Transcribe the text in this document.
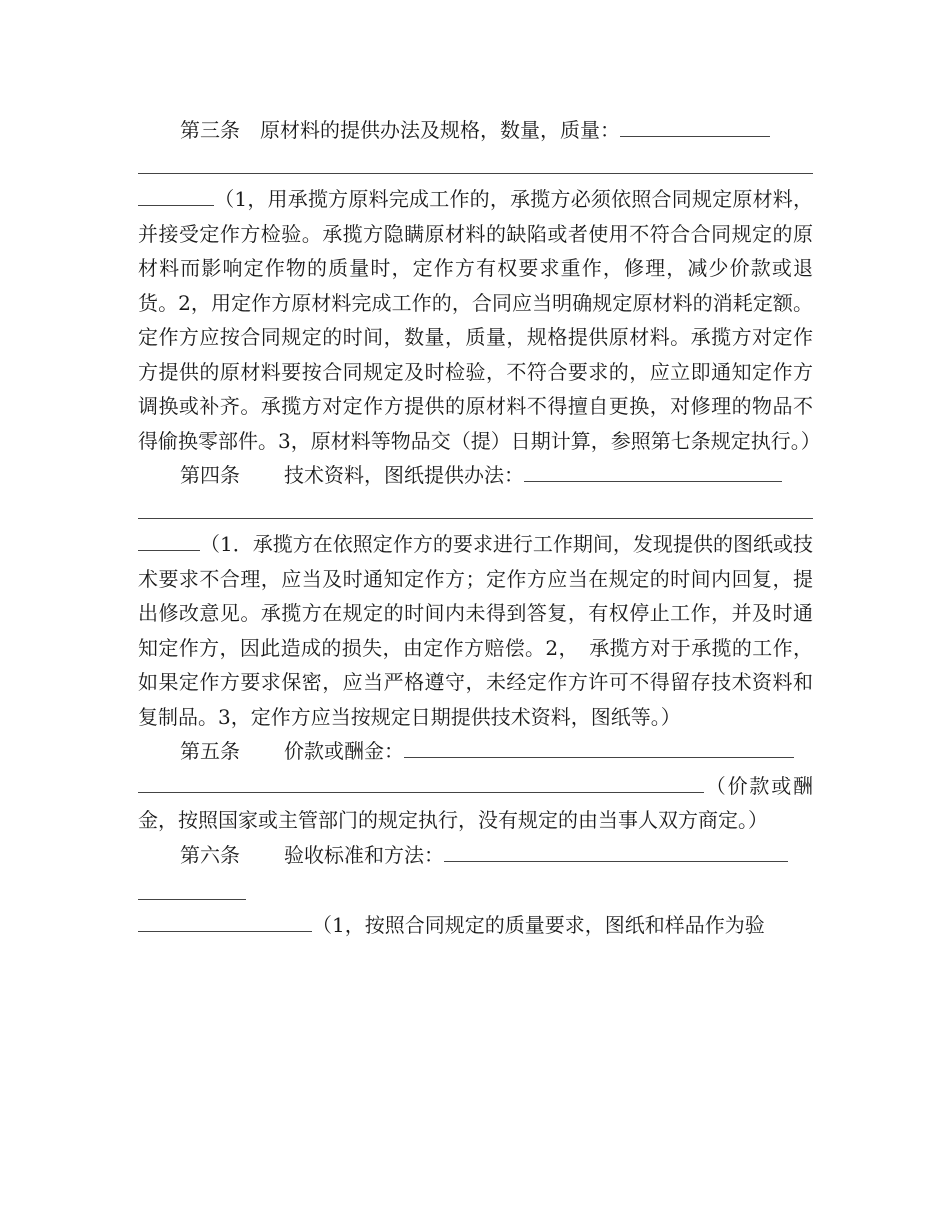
第三条 原材料的提供办法及规格，数量，质量：

（1，用承揽方原料完成工作的，承揽方必须依照合同规定原材料，并接受定作方检验。承揽方隐瞒原材料的缺陷或者使用不符合合同规定的原材料而影响定作物的质量时，定作方有权要求重作，修理，减少价款或退货。2，用定作方原材料完成工作的，合同应当明确规定原材料的消耗定额。定作方应按合同规定的时间，数量，质量，规格提供原材料。承揽方对定作方提供的原材料要按合同规定及时检验，不符合要求的，应立即通知定作方调换或补齐。承揽方对定作方提供的原材料不得擅自更换，对修理的物品不得偷换零部件。3，原材料等物品交（提）日期计算，参照第七条规定执行。）

第四条 技术资料，图纸提供办法：

（1．承揽方在依照定作方的要求进行工作期间，发现提供的图纸或技术要求不合理，应当及时通知定作方；定作方应当在规定的时间内回复，提出修改意见。承揽方在规定的时间内未得到答复，有权停止工作，并及时通知定作方，因此造成的损失，由定作方赔偿。2，　承揽方对于承揽的工作，如果定作方要求保密，应当严格遵守，未经定作方许可不得留存技术资料和复制品。3，定作方应当按规定日期提供技术资料，图纸等。）

第五条 价款或酬金：

（价款或酬金，按照国家或主管部门的规定执行，没有规定的由当事人双方商定。）

第六条 验收标准和方法：

（1，按照合同规定的质量要求，图纸和样品作为验
